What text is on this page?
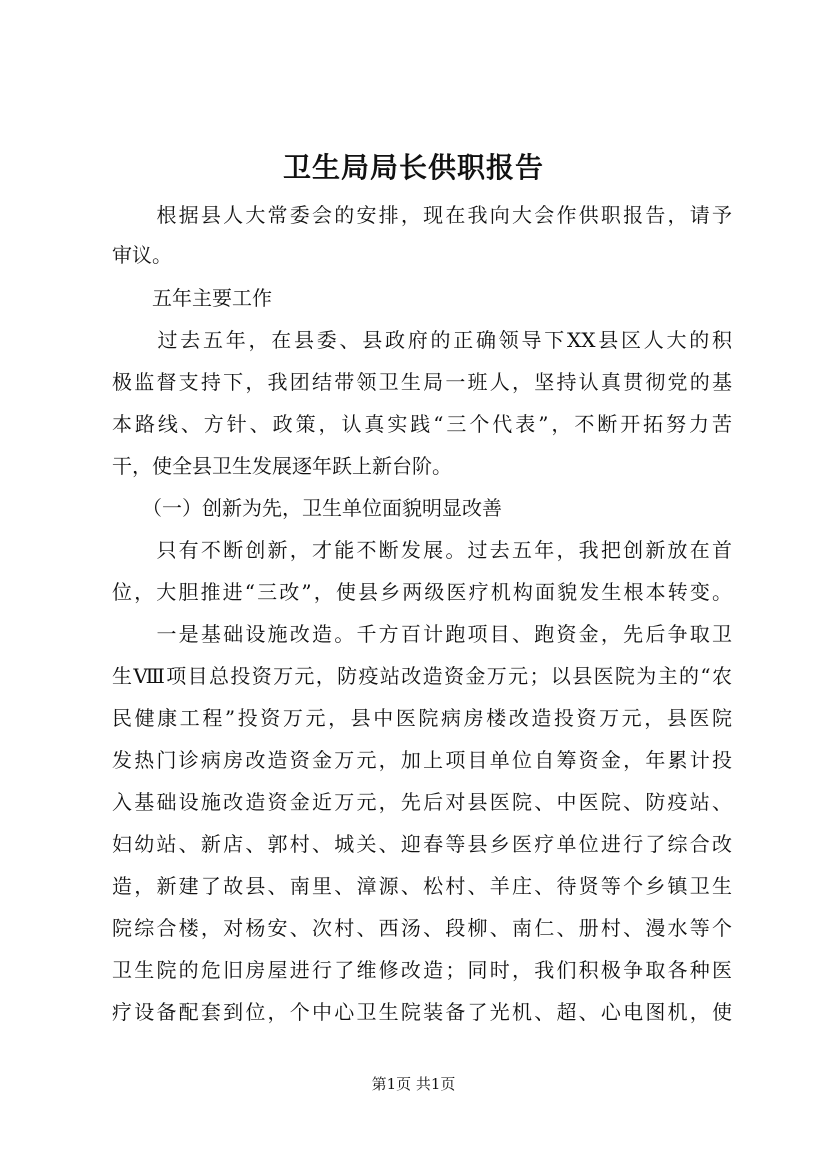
卫生局局长供职报告
　　根据县人大常委会的安排，现在我向大会作供职报告，请予
审议。
　　五年主要工作
　　过去五年，在县委、县政府的正确领导下XX县区人大的积
极监督支持下，我团结带领卫生局一班人，坚持认真贯彻党的基
本路线、方针、政策，认真实践“三个代表”，不断开拓努力苦
干，使全县卫生发展逐年跃上新台阶。
　　（一）创新为先，卫生单位面貌明显改善
　　只有不断创新，才能不断发展。过去五年，我把创新放在首
位，大胆推进“三改”，使县乡两级医疗机构面貌发生根本转变。
　　一是基础设施改造。千方百计跑项目、跑资金，先后争取卫
生Ⅷ项目总投资万元，防疫站改造资金万元；以县医院为主的“农
民健康工程”投资万元，县中医院病房楼改造投资万元，县医院
发热门诊病房改造资金万元，加上项目单位自筹资金，年累计投
入基础设施改造资金近万元，先后对县医院、中医院、防疫站、
妇幼站、新店、郭村、城关、迎春等县乡医疗单位进行了综合改
造，新建了故县、南里、漳源、松村、羊庄、待贤等个乡镇卫生
院综合楼，对杨安、次村、西汤、段柳、南仁、册村、漫水等个
卫生院的危旧房屋进行了维修改造；同时，我们积极争取各种医
疗设备配套到位，个中心卫生院装备了光机、超、心电图机，使
第1页 共1页
